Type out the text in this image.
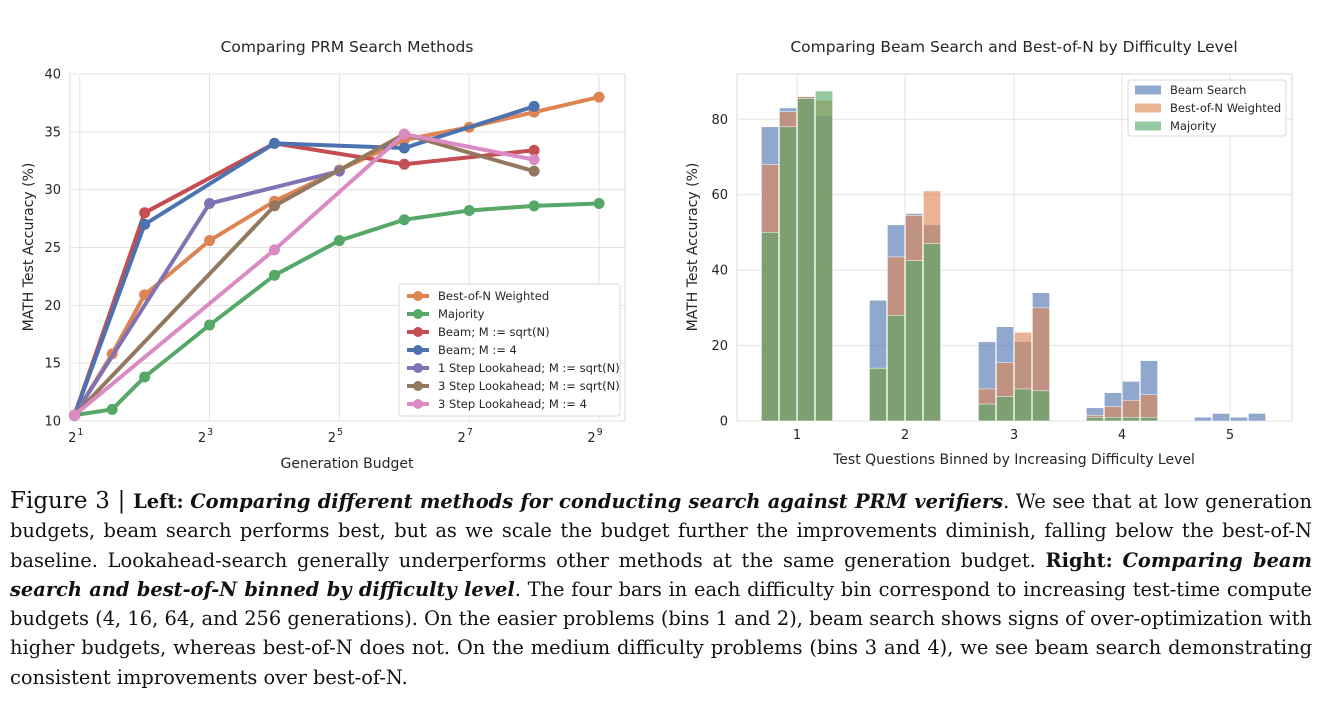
$2^1$	$2^3$	$2^5$	$2^7$	$2^9$
10
15
20
25
30
35
40
Comparing PRM Search Methods
Generation Budget
MATH Test Accuracy (%)	Best-of-N Weighted
Majority
Beam; M := sqrt(N)
Beam; M := 4
1 Step Lookahead; M := sqrt(N)
3 Step Lookahead; M := sqrt(N)
3 Step Lookahead; M := 4
1	2	3	4	5
0
20
40
60
80
Comparing Beam Search and Best-of-N by Difficulty Level
Test Questions Binned by Increasing Difficulty Level
MATH Test Accuracy (%)
Beam Search
Best-of-N Weighted
Majority
Figure 3 | Left: Comparing different methods for conducting search against PRM verifiers. We see that at low generation budgets, beam search performs best, but as we scale the budget further the improvements diminish, falling below the best-of-N baseline. Lookahead-search generally underperforms other methods at the same generation budget. Right: Comparing beam search and best-of-N binned by difficulty level. The four bars in each difficulty bin correspond to increasing test-time compute budgets (4, 16, 64, and 256 generations). On the easier problems (bins 1 and 2), beam search shows signs of over-optimization with higher budgets, whereas best-of-N does not. On the medium difficulty problems (bins 3 and 4), we see beam search demonstrating consistent improvements over best-of-N.
